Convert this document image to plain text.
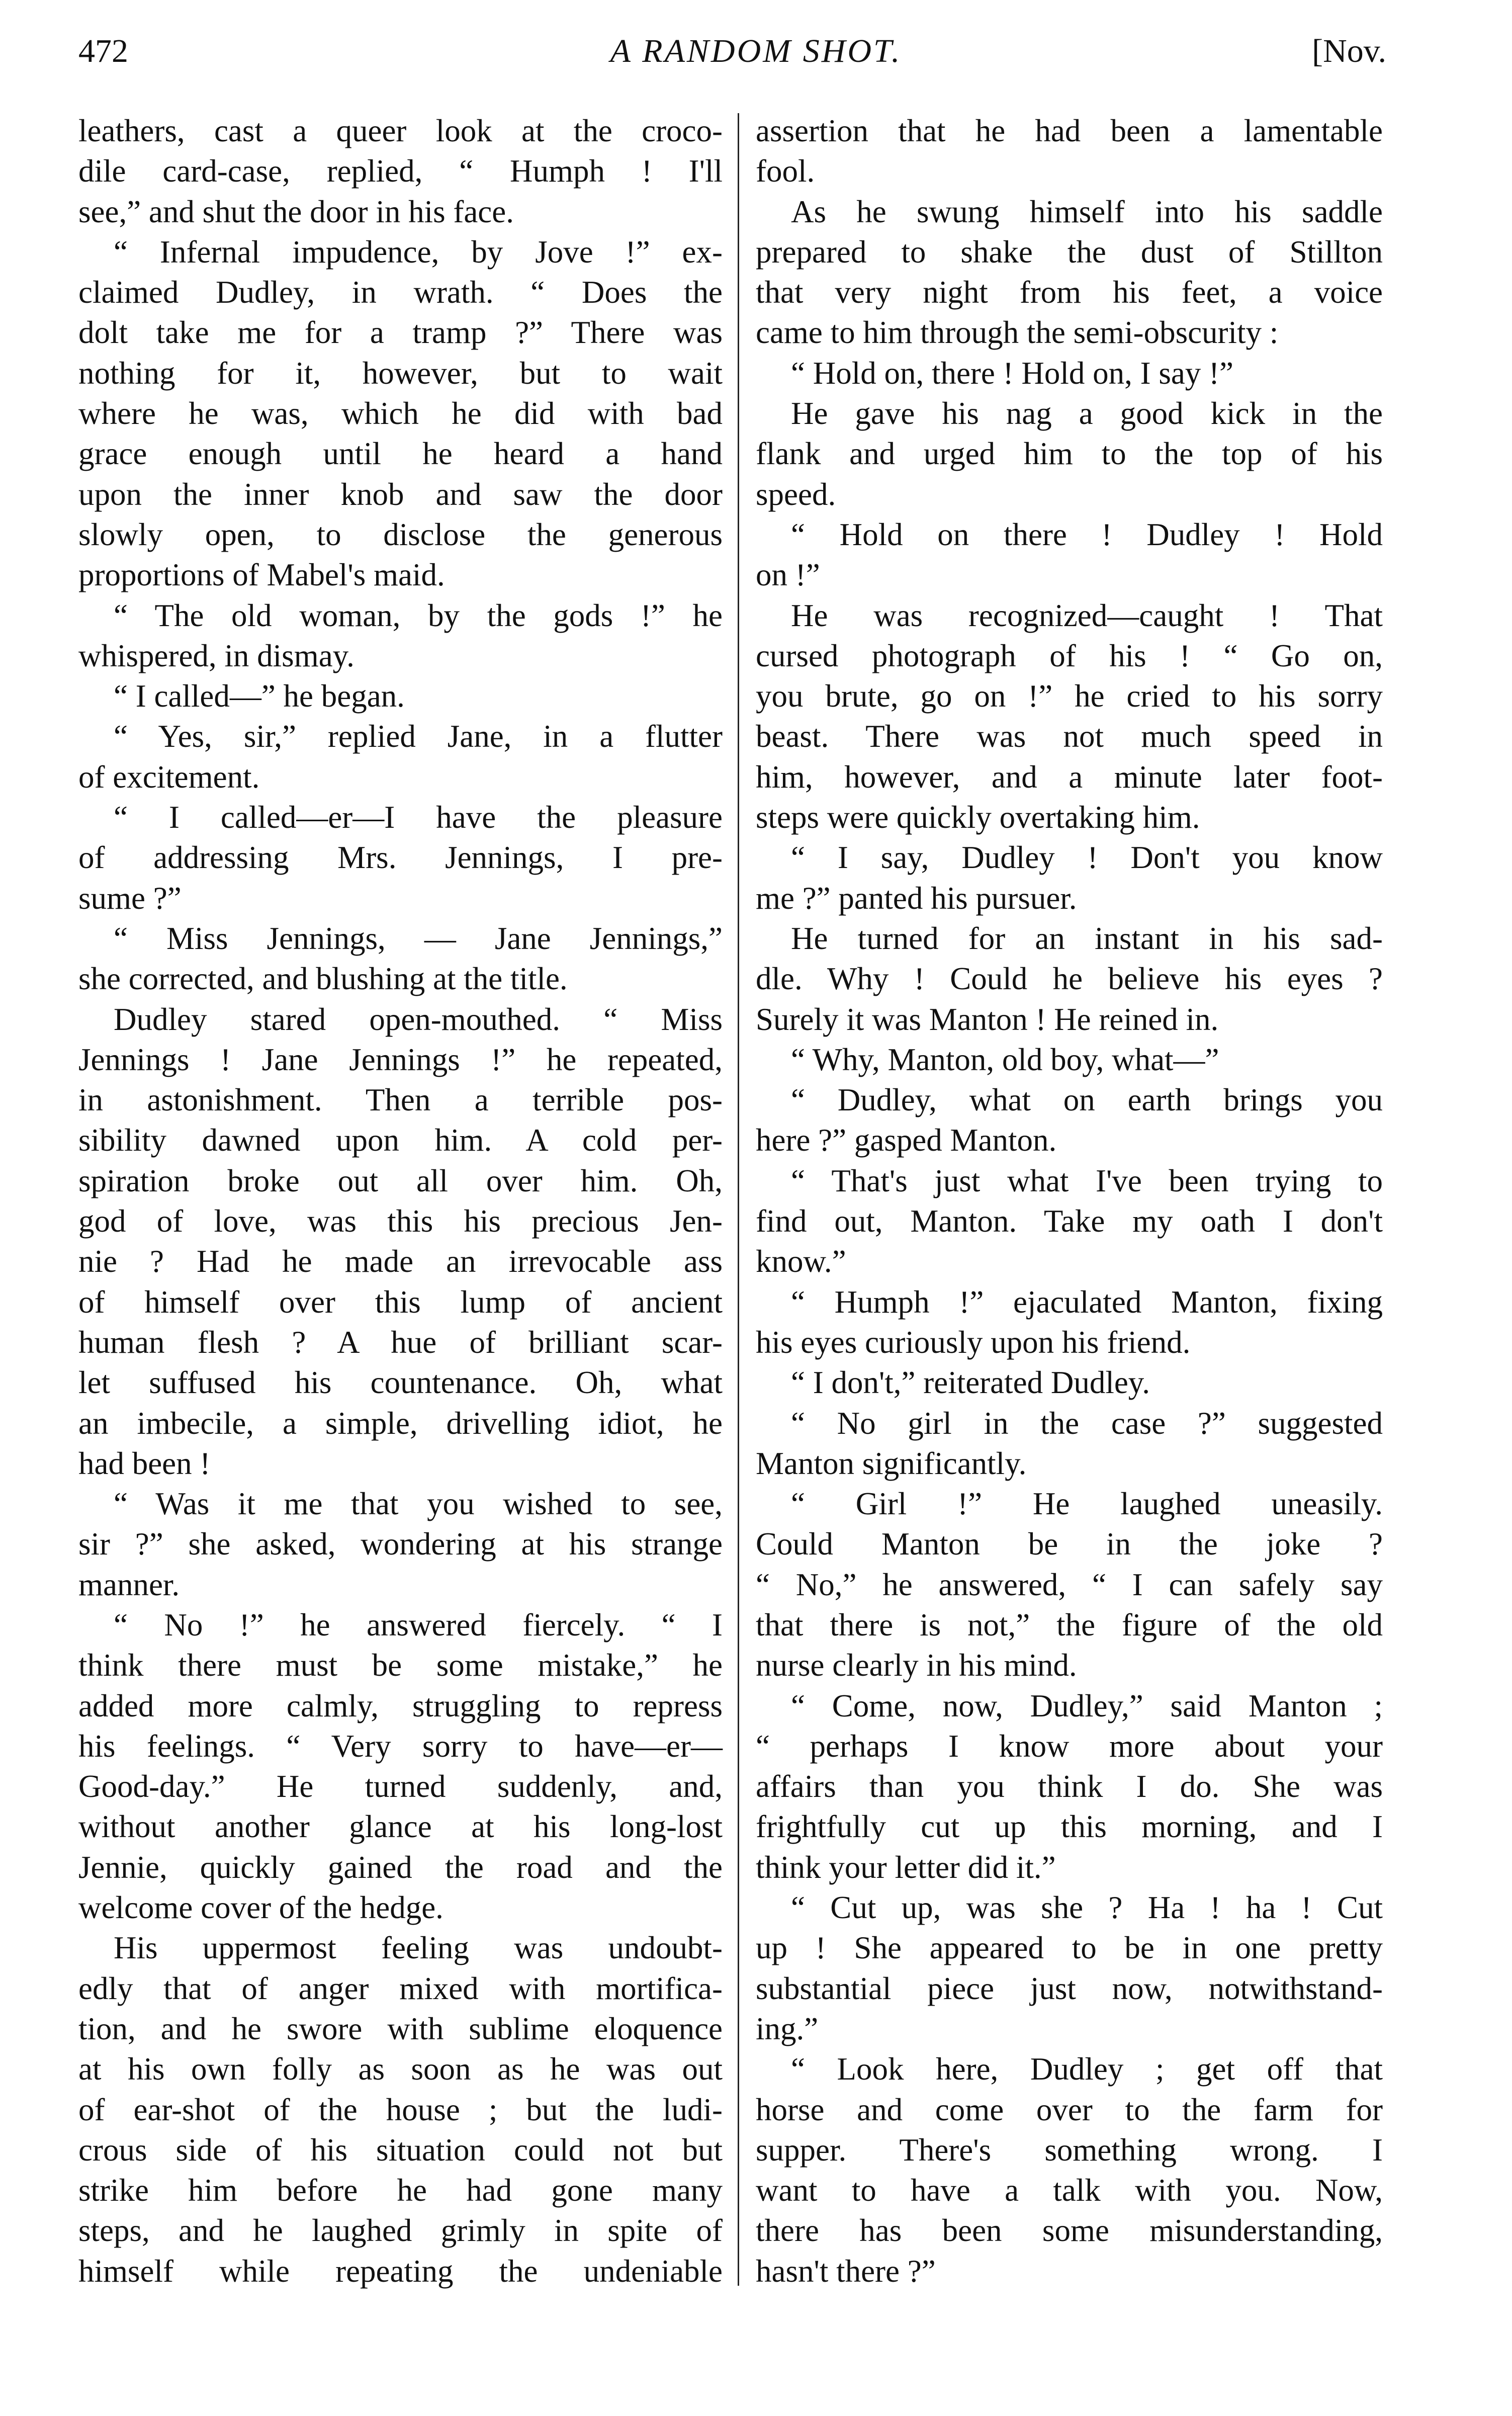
472	A RANDOM SHOT.	[Nov.
leathers, cast a queer look at the croco-
dile card-case, replied, “ Humph ! I'll
see,” and shut the door in his face.
“ Infernal impudence, by Jove !” ex-
claimed Dudley, in wrath. “ Does the
dolt take me for a tramp ?” There was
nothing for it, however, but to wait
where he was, which he did with bad
grace enough until he heard a hand
upon the inner knob and saw the door
slowly open, to disclose the generous
proportions of Mabel's maid.
“ The old woman, by the gods !” he
whispered, in dismay.
“ I called—” he began.
“ Yes, sir,” replied Jane, in a flutter
of excitement.
“ I called—er—I have the pleasure
of addressing Mrs. Jennings, I pre-
sume ?”
“ Miss Jennings, — Jane Jennings,”
she corrected, and blushing at the title.
Dudley stared open-mouthed. “ Miss
Jennings ! Jane Jennings !” he repeated,
in astonishment. Then a terrible pos-
sibility dawned upon him. A cold per-
spiration broke out all over him. Oh,
god of love, was this his precious Jen-
nie ? Had he made an irrevocable ass
of himself over this lump of ancient
human flesh ? A hue of brilliant scar-
let suffused his countenance. Oh, what
an imbecile, a simple, drivelling idiot, he
had been !
“ Was it me that you wished to see,
sir ?” she asked, wondering at his strange
manner.
“ No !” he answered fiercely. “ I
think there must be some mistake,” he
added more calmly, struggling to repress
his feelings. “ Very sorry to have—er—
Good-day.” He turned suddenly, and,
without another glance at his long-lost
Jennie, quickly gained the road and the
welcome cover of the hedge.
His uppermost feeling was undoubt-
edly that of anger mixed with mortifica-
tion, and he swore with sublime eloquence
at his own folly as soon as he was out
of ear-shot of the house ; but the ludi-
crous side of his situation could not but
strike him before he had gone many
steps, and he laughed grimly in spite of
himself while repeating the undeniable
assertion that he had been a lamentable
fool.
As he swung himself into his saddle
prepared to shake the dust of Stillton
that very night from his feet, a voice
came to him through the semi-obscurity :
“ Hold on, there ! Hold on, I say !”
He gave his nag a good kick in the
flank and urged him to the top of his
speed.
“ Hold on there ! Dudley ! Hold
on !”
He was recognized—caught ! That
cursed photograph of his ! “ Go on,
you brute, go on !” he cried to his sorry
beast. There was not much speed in
him, however, and a minute later foot-
steps were quickly overtaking him.
“ I say, Dudley ! Don't you know
me ?” panted his pursuer.
He turned for an instant in his sad-
dle. Why ! Could he believe his eyes ?
Surely it was Manton ! He reined in.
“ Why, Manton, old boy, what—”
“ Dudley, what on earth brings you
here ?” gasped Manton.
“ That's just what I've been trying to
find out, Manton. Take my oath I don't
know.”
“ Humph !” ejaculated Manton, fixing
his eyes curiously upon his friend.
“ I don't,” reiterated Dudley.
“ No girl in the case ?” suggested
Manton significantly.
“ Girl !” He laughed uneasily.
Could Manton be in the joke ?
“ No,” he answered, “ I can safely say
that there is not,” the figure of the old
nurse clearly in his mind.
“ Come, now, Dudley,” said Manton ;
“ perhaps I know more about your
affairs than you think I do. She was
frightfully cut up this morning, and I
think your letter did it.”
“ Cut up, was she ? Ha ! ha ! Cut
up ! She appeared to be in one pretty
substantial piece just now, notwithstand-
ing.”
“ Look here, Dudley ; get off that
horse and come over to the farm for
supper. There's something wrong. I
want to have a talk with you. Now,
there has been some misunderstanding,
hasn't there ?”
